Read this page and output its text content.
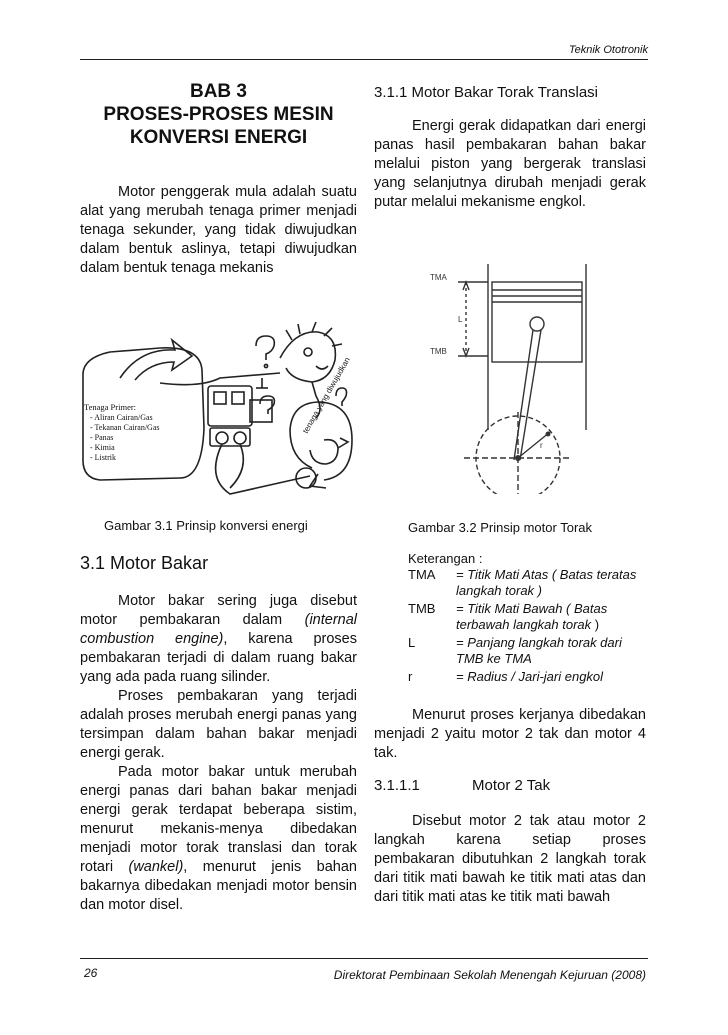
Teknik Ototronik
BAB 3
PROSES-PROSES MESIN
KONVERSI ENERGI

Motor penggerak mula adalah suatu alat yang merubah tenaga primer menjadi tenaga sekunder, yang tidak diwujudkan dalam bentuk aslinya, tetapi diwujudkan dalam bentuk tenaga mekanis

tenaga yang diwujudkan
Tenaga Primer:
- Aliran Cairan/Gas
- Tekanan Cairan/Gas
- Panas
- Kimia
- Listrik
Gambar 3.1 Prinsip konversi energi
3.1 Motor Bakar

Motor bakar sering juga disebut motor pembakaran dalam (internal combustion engine), karena proses pembakaran terjadi di dalam ruang bakar yang ada pada ruang silinder.

Proses pembakaran yang terjadi adalah proses merubah energi panas yang tersimpan dalam bahan bakar menjadi energi gerak.

Pada motor bakar untuk merubah energi panas dari bahan bakar menjadi energi gerak terdapat beberapa sistim, menurut mekanis-menya dibedakan menjadi motor torak translasi dan torak rotari (wankel), menurut jenis bahan bakarnya dibedakan menjadi motor bensin dan motor disel.

3.1.1 Motor Bakar Torak Translasi

Energi gerak didapatkan dari energi panas hasil pembakaran bahan bakar melalui piston yang bergerak translasi yang selanjutnya dirubah menjadi gerak putar melalui mekanisme engkol.

TMA
L
TMB
r
Gambar 3.2 Prinsip motor Torak
Keterangan :
TMA	= Titik Mati Atas ( Batas teratas langkah torak )
TMB	= Titik Mati Bawah ( Batas terbawah langkah torak )
L	= Panjang langkah torak dari TMB ke TMA
r	= Radius / Jari-jari engkol

Menurut proses kerjanya dibedakan menjadi 2 yaitu motor 2 tak dan motor 4 tak.

3.1.1.1	Motor 2 Tak

Disebut motor 2 tak atau motor 2 langkah karena setiap proses pembakaran dibutuhkan 2 langkah torak dari titik mati bawah ke titik mati atas dan dari titik mati atas ke titik mati bawah

26	Direktorat Pembinaan Sekolah Menengah Kejuruan (2008)
